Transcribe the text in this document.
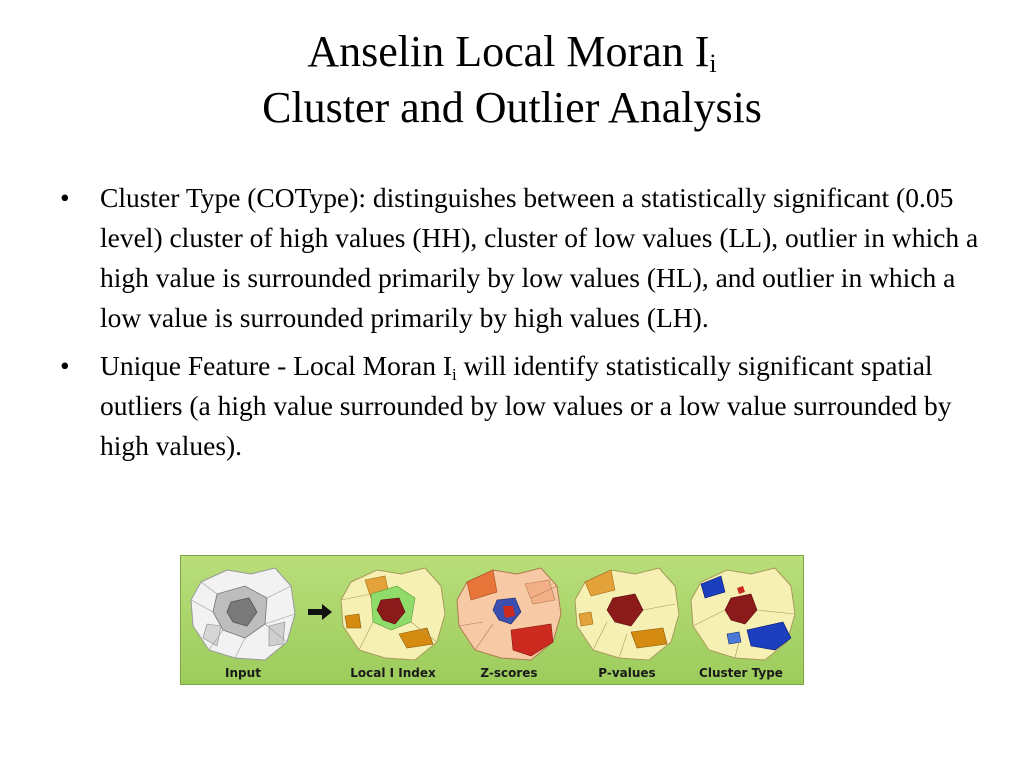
Anselin Local Moran $I_i$
Cluster and Outlier Analysis
• Cluster Type (COType): distinguishes between a statistically significant (0.05 level) cluster of high values (HH), cluster of low values (LL), outlier in which a high value is surrounded primarily by low values (HL), and outlier in which a low value is surrounded primarily by high values (LH).
• Unique Feature - Local Moran $I_i$ will identify statistically significant spatial outliers (a high value surrounded by low values or a low value surrounded by high values).
Input	Local I Index	Z-scores	P-values	Cluster Type
